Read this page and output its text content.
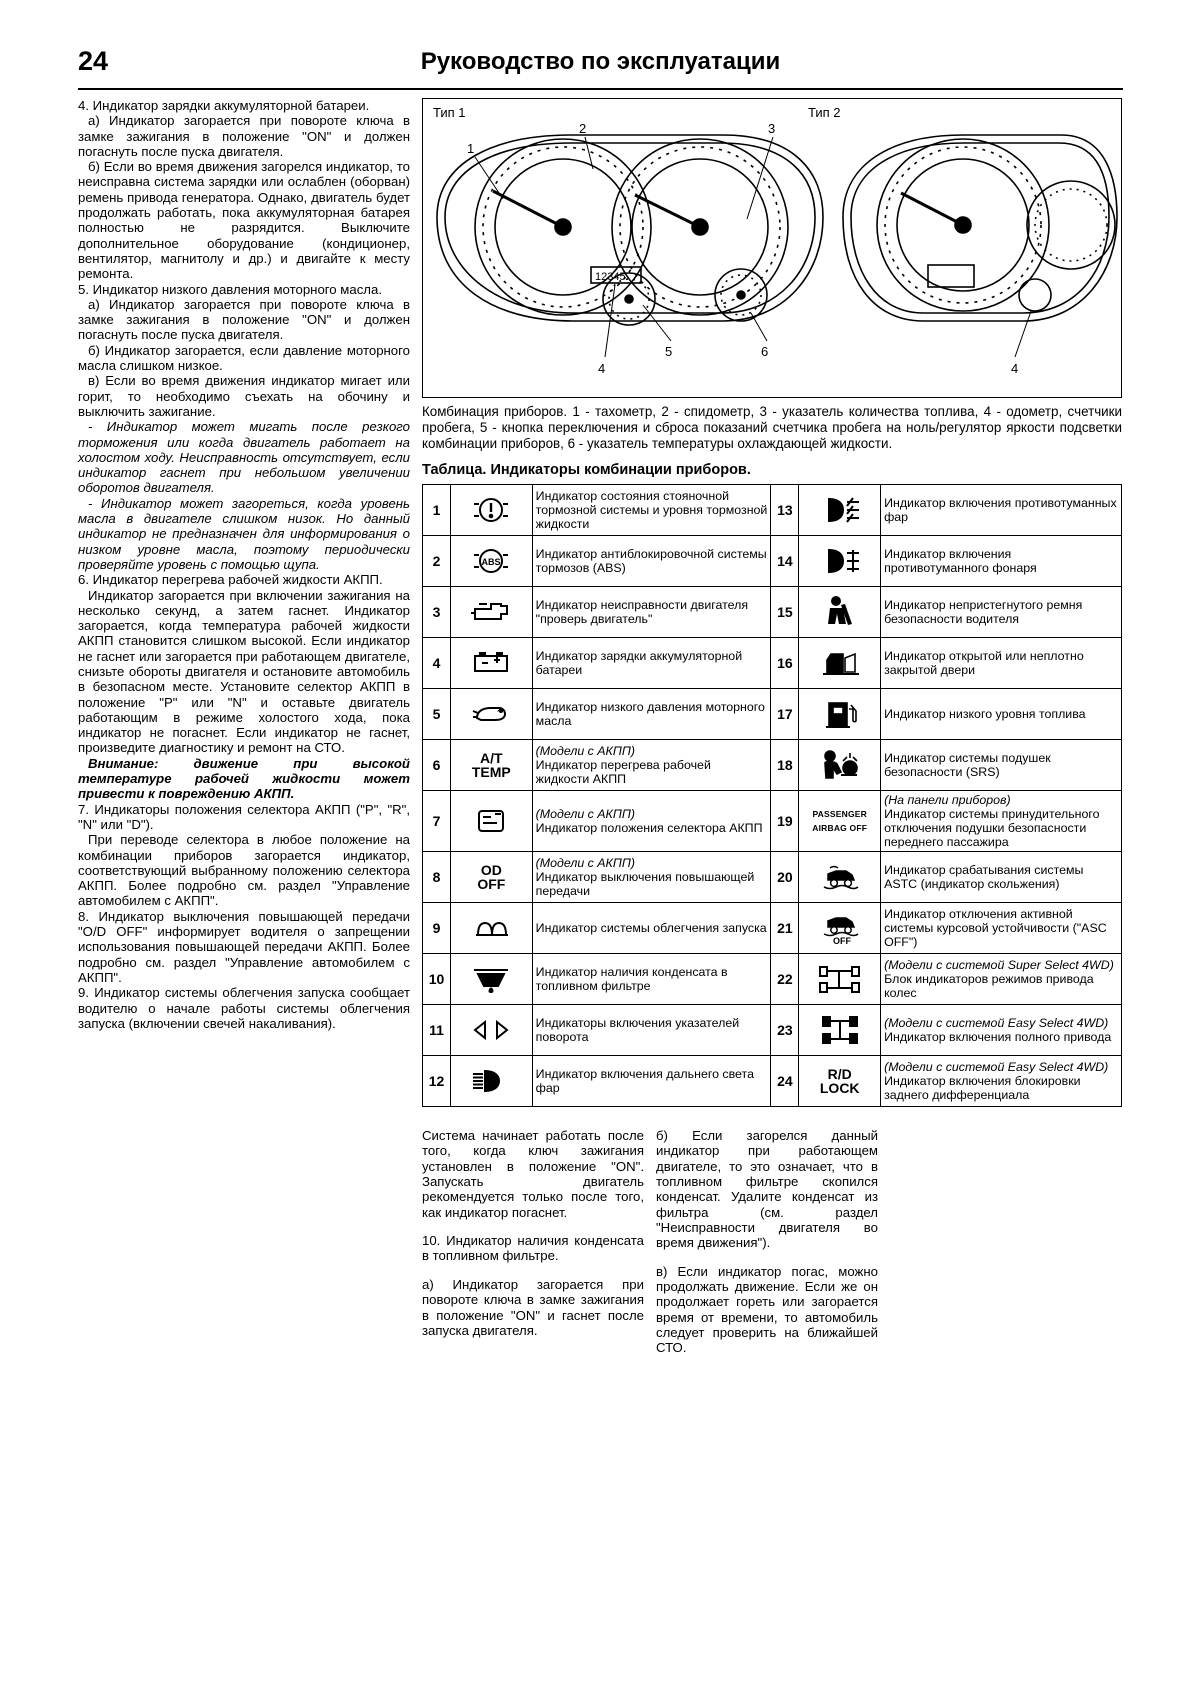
24	Руководство по эксплуатации

4. Индикатор зарядки аккумуляторной батареи.

а) Индикатор загорается при повороте ключа в замке зажигания в положение "ON" и должен погаснуть после пуска двигателя.

б) Если во время движения загорелся индикатор, то неисправна система зарядки или ослаблен (оборван) ремень привода генератора. Однако, двигатель будет продолжать работать, пока аккумуляторная батарея полностью не разрядится. Выключите дополнительное оборудование (кондиционер, вентилятор, магнитолу и др.) и двигайте к месту ремонта.

5. Индикатор низкого давления моторного масла.

а) Индикатор загорается при повороте ключа в замке зажигания в положение "ON" и должен погаснуть после пуска двигателя.

б) Индикатор загорается, если давление моторного масла слишком низкое.

в) Если во время движения индикатор мигает или горит, то необходимо съехать на обочину и выключить зажигание.

- Индикатор может мигать после резкого торможения или когда двигатель работает на холостом ходу. Неисправность отсутствует, если индикатор гаснет при небольшом увеличении оборотов двигателя.

- Индикатор может загореться, когда уровень масла в двигателе слишком низок. Но данный индикатор не предназначен для информирования о низком уровне масла, поэтому периодически проверяйте уровень с помощью щупа.

6. Индикатор перегрева рабочей жидкости АКПП.

Индикатор загорается при включении зажигания на несколько секунд, а затем гаснет. Индикатор загорается, когда температура рабочей жидкости АКПП становится слишком высокой. Если индикатор не гаснет или загорается при работающем двигателе, снизьте обороты двигателя и остановите автомобиль в безопасном месте. Установите селектор АКПП в положение "P" или "N" и оставьте двигатель работающим в режиме холостого хода, пока индикатор не погаснет. Если индикатор не гаснет, произведите диагностику и ремонт на СТО.

Внимание: движение при высокой температуре рабочей жидкости может привести к повреждению АКПП.

7. Индикаторы положения селектора АКПП ("P", "R", "N" или "D").

При переводе селектора в любое положение на комбинации приборов загорается индикатор, соответствующий выбранному положению селектора АКПП. Более подробно см. раздел "Управление автомобилем с АКПП".

8. Индикатор выключения повышающей передачи "O/D OFF" информирует водителя о запрещении использования повышающей передачи АКПП. Более подробно см. раздел "Управление автомобилем с АКПП".

9. Индикатор системы облегчения запуска сообщает водителю о начале работы системы облегчения запуска (включении свечей накаливания).

Тип 1	Тип 2
1
2	3
4
5	6
4
12345
Комбинация приборов. 1 - тахометр, 2 - спидометр, 3 - указатель количества топлива, 4 - одометр, счетчики пробега, 5 - кнопка переключения и сброса показаний счетчика пробега на ноль/регулятор яркости подсветки комбинации приборов, 6 - указатель температуры охлаждающей жидкости.
Таблица. Индикаторы комбинации приборов.
1		Индикатор состояния стояночной тормозной системы и уровня тормозной жидкости	13		Индикатор включения противотуманных фар
2	ABS	Индикатор антиблокировочной системы тормозов (ABS)	14		Индикатор включения противотуманного фонаря
3		Индикатор неисправности двигателя "проверь двигатель"	15		Индикатор непристегнутого ремня безопасности водителя
4		Индикатор зарядки аккумуляторной батареи	16		Индикатор открытой или неплотно закрытой двери
5		Индикатор низкого давления моторного масла	17		Индикатор низкого уровня топлива
6	A/T
TEMP	(Модели с АКПП)
Индикатор перегрева рабочей жидкости АКПП	18		Индикатор системы подушек безопасности (SRS)
7		(Модели с АКПП)
Индикатор положения селектора АКПП	19	PASSENGER
AIRBAG OFF	(На панели приборов)
Индикатор системы принудительного отключения подушки безопасности переднего пассажира
8	OD
OFF	(Модели с АКПП)
Индикатор выключения повышающей передачи	20		Индикатор срабатывания системы ASTC (индикатор скольжения)
9		Индикатор системы облегчения запуска	21	OFF	Индикатор отключения активной системы курсовой устойчивости ("ASC OFF")
10		Индикатор наличия конденсата в топливном фильтре	22		(Модели с системой Super Select 4WD)
Блок индикаторов режимов привода колес
11		Индикаторы включения указателей поворота	23		(Модели с системой Easy Select 4WD)
Индикатор включения полного привода
12		Индикатор включения дальнего света фар	24	R/D
LOCK	(Модели с системой Easy Select 4WD)
Индикатор включения блокировки заднего дифференциала

Система начинает работать после того, когда ключ зажигания установлен в положение "ON". Запускать двигатель рекомендуется только после того, как индикатор погаснет.

10. Индикатор наличия конденсата в топливном фильтре.

а) Индикатор загорается при повороте ключа в замке зажигания в положение "ON" и гаснет после запуска двигателя.

б) Если загорелся данный индикатор при работающем двигателе, то это означает, что в топливном фильтре скопился конденсат. Удалите конденсат из фильтра (см. раздел "Неисправности двигателя во время движения").

в) Если индикатор погас, можно продолжать движение. Если же он продолжает гореть или загорается время от времени, то автомобиль следует проверить на ближайшей СТО.
